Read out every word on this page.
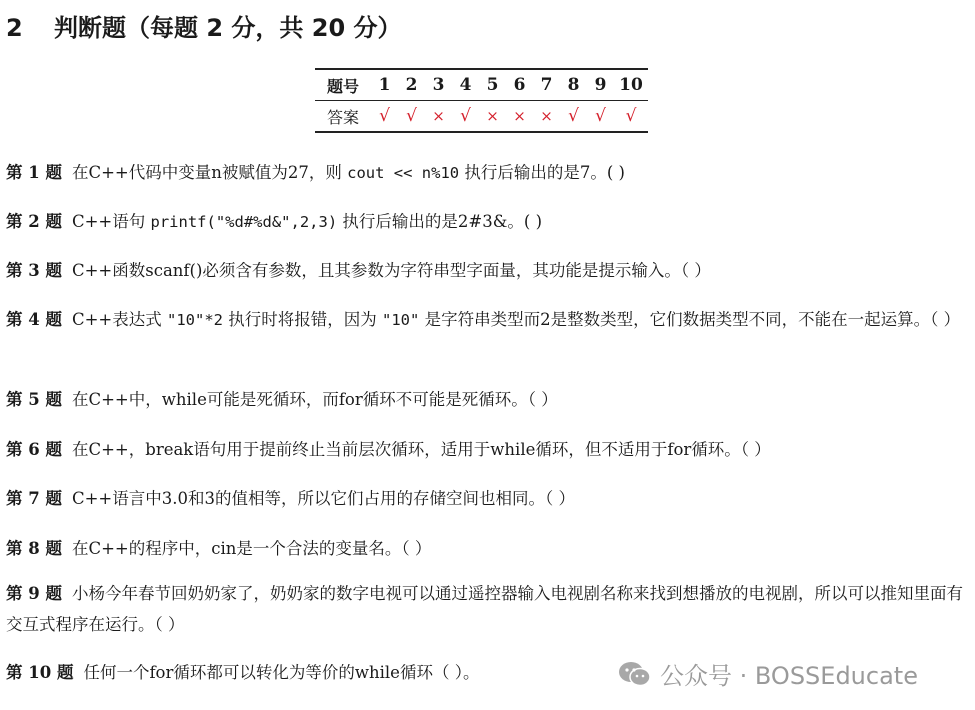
2 判断题（每题 2 分，共 20 分）
题号	1	2	3	4	5	6	7	8	9	10
答案	√	√	×	√	×	×	×	√	√	√
第 1 题 在C++代码中变量n被赋值为27，则 cout << n%10 执行后输出的是7。( )
第 2 题 C++语句 printf("%d#%d&",2,3) 执行后输出的是2#3&。( )
第 3 题 C++函数scanf()必须含有参数，且其参数为字符串型字面量，其功能是提示输入。（ ）
第 4 题 C++表达式 "10"*2 执行时将报错，因为 "10" 是字符串类型而2是整数类型，它们数据类型不同，不能在一起运算。（ ）
第 5 题 在C++中，while可能是死循环，而for循环不可能是死循环。（ ）
第 6 题 在C++，break语句用于提前终止当前层次循环，适用于while循环，但不适用于for循环。（ ）
第 7 题 C++语言中3.0和3的值相等，所以它们占用的存储空间也相同。（ ）
第 8 题 在C++的程序中，cin是一个合法的变量名。（ ）
第 9 题 小杨今年春节回奶奶家了，奶奶家的数字电视可以通过遥控器输入电视剧名称来找到想播放的电视剧，所以可以推知里面有交互式程序在运行。（ ）
第 10 题 任何一个for循环都可以转化为等价的while循环（ ）。	公众号 · BOSSEducate
